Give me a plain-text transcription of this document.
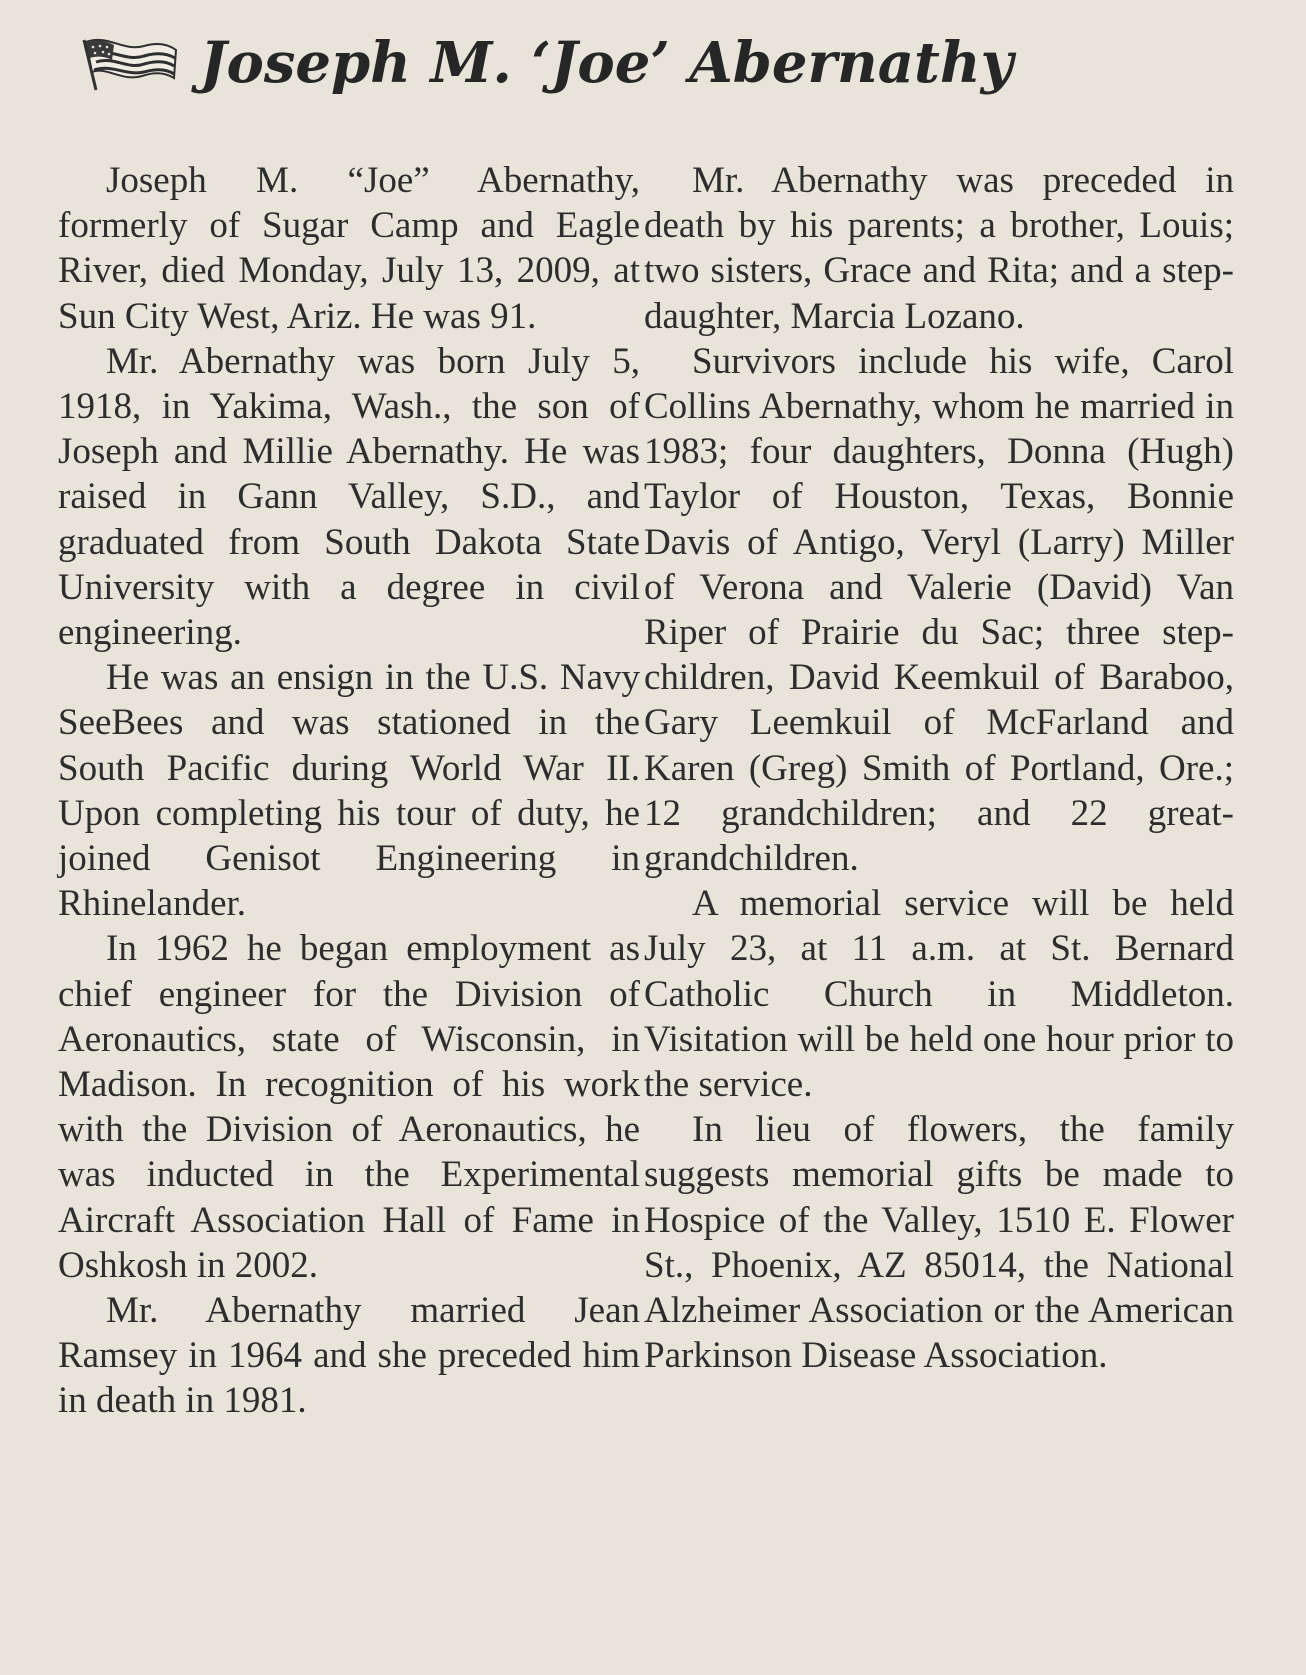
Joseph M. ‘Joe’ Abernathy

Joseph M. “Joe” Abernathy, formerly of Sugar Camp and Eagle River, died Monday, July 13, 2009, at Sun City West, Ariz. He was 91.

Mr. Abernathy was born July 5, 1918, in Yakima, Wash., the son of Joseph and Millie Abernathy. He was raised in Gann Valley, S.D., and graduated from South Dakota State University with a degree in civil engineering.

He was an ensign in the U.S. Navy SeeBees and was stationed in the South Pacific during World War II. Upon completing his tour of duty, he joined Genisot Engineering in Rhinelander.

In 1962 he began employment as chief engineer for the Division of Aeronautics, state of Wisconsin, in Madison. In recognition of his work with the Division of Aeronautics, he was inducted in the Experimental Aircraft Association Hall of Fame in Oshkosh in 2002.

Mr. Abernathy married Jean Ramsey in 1964 and she preceded him in death in 1981.

Mr. Abernathy was preceded in death by his parents; a brother, Louis; two sisters, Grace and Rita; and a stepdaughter, Marcia Lozano.

Survivors include his wife, Carol Collins Abernathy, whom he married in 1983; four daughters, Donna (Hugh) Taylor of Houston, Texas, Bonnie Davis of Antigo, Veryl (Larry) Miller of Verona and Valerie (David) Van Riper of Prairie du Sac; three step-children, David Keemkuil of Baraboo, Gary Leemkuil of McFarland and Karen (Greg) Smith of Portland, Ore.; 12 grandchildren; and 22 great-grandchildren.

A memorial service will be held July 23, at 11 a.m. at St. Bernard Catholic Church in Middleton. Visitation will be held one hour prior to the service.

In lieu of flowers, the family suggests memorial gifts be made to Hospice of the Valley, 1510 E. Flower St., Phoenix, AZ 85014, the National Alzheimer Association or the American Parkinson Disease Association.
